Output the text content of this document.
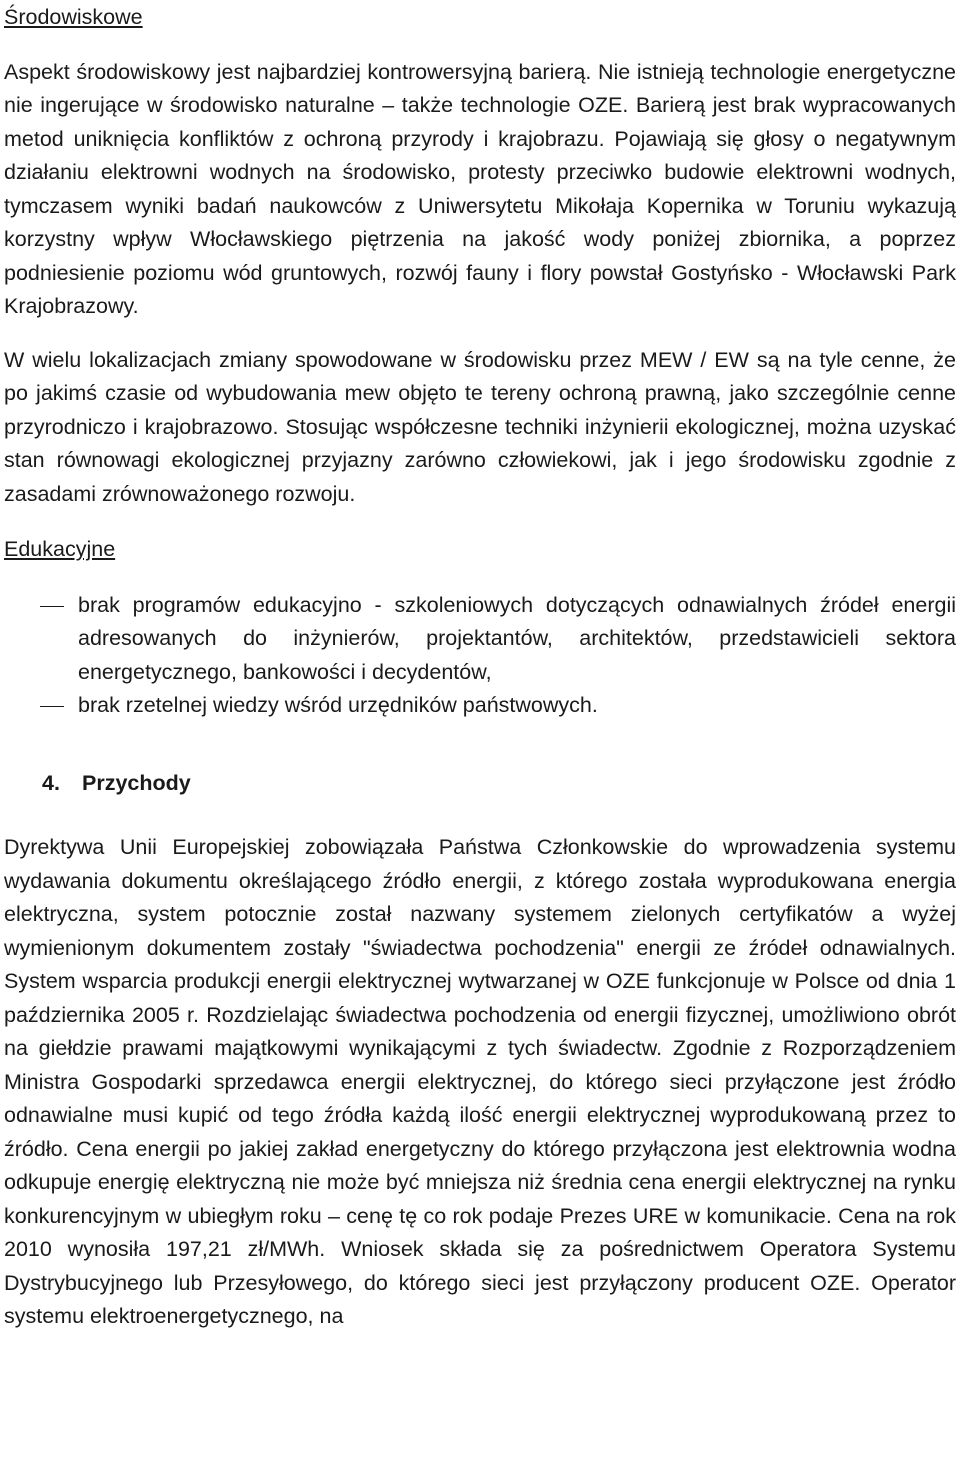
Środowiskowe

Aspekt środowiskowy jest najbardziej kontrowersyjną barierą. Nie istnieją technologie energetyczne nie ingerujące w środowisko naturalne – także technologie OZE. Barierą jest brak wypracowanych metod uniknięcia konfliktów z ochroną przyrody i krajobrazu. Pojawiają się głosy o negatywnym działaniu elektrowni wodnych na środowisko, protesty przeciwko budowie elektrowni wodnych, tymczasem wyniki badań naukowców z Uniwersytetu Mikołaja Kopernika w Toruniu wykazują korzystny wpływ Włocławskiego piętrzenia na jakość wody poniżej zbiornika, a poprzez podniesienie poziomu wód gruntowych, rozwój fauny i flory powstał Gostyńsko - Włocławski Park Krajobrazowy.

W wielu lokalizacjach zmiany spowodowane w środowisku przez MEW / EW są na tyle cenne, że po jakimś czasie od wybudowania mew objęto te tereny ochroną prawną, jako szczególnie cenne przyrodniczo i krajobrazowo. Stosując współczesne techniki inżynierii ekologicznej, można uzyskać stan równowagi ekologicznej przyjazny zarówno człowiekowi, jak i jego środowisku zgodnie z zasadami zrównoważonego rozwoju.

Edukacyjne
brak programów edukacyjno - szkoleniowych dotyczących odnawialnych źródeł energii adresowanych do inżynierów, projektantów, architektów, przedstawicieli sektora energetycznego, bankowości i decydentów,
brak rzetelnej wiedzy wśród urzędników państwowych.
4. Przychody

Dyrektywa Unii Europejskiej zobowiązała Państwa Członkowskie do wprowadzenia systemu wydawania dokumentu określającego źródło energii, z którego została wyprodukowana energia elektryczna, system potocznie został nazwany systemem zielonych certyfikatów a wyżej wymienionym dokumentem zostały "świadectwa pochodzenia" energii ze źródeł odnawialnych. System wsparcia produkcji energii elektrycznej wytwarzanej w OZE funkcjonuje w Polsce od dnia 1 października 2005 r. Rozdzielając świadectwa pochodzenia od energii fizycznej, umożliwiono obrót na giełdzie prawami majątkowymi wynikającymi z tych świadectw. Zgodnie z Rozporządzeniem Ministra Gospodarki sprzedawca energii elektrycznej, do którego sieci przyłączone jest źródło odnawialne musi kupić od tego źródła każdą ilość energii elektrycznej wyprodukowaną przez to źródło. Cena energii po jakiej zakład energetyczny do którego przyłączona jest elektrownia wodna odkupuje energię elektryczną nie może być mniejsza niż średnia cena energii elektrycznej na rynku konkurencyjnym w ubiegłym roku – cenę tę co rok podaje Prezes URE w komunikacie. Cena na rok 2010 wynosiła 197,21 zł/MWh. Wniosek składa się za pośrednictwem Operatora Systemu Dystrybucyjnego lub Przesyłowego, do którego sieci jest przyłączony producent OZE. Operator systemu elektroenergetycznego, na
